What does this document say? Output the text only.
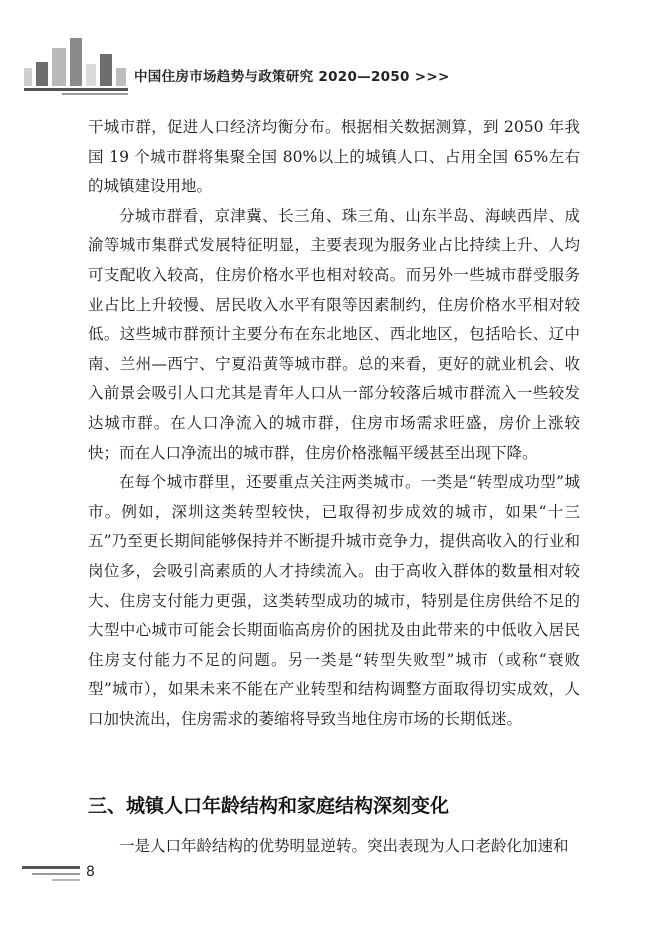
中国住房市场趋势与政策研究 2020—2050 >>>

干城市群，促进人口经济均衡分布。根据相关数据测算，到 2050 年我国 19 个城市群将集聚全国 80%以上的城镇人口、占用全国 65%左右的城镇建设用地。

分城市群看，京津冀、长三角、珠三角、山东半岛、海峡西岸、成渝等城市集群式发展特征明显，主要表现为服务业占比持续上升、人均可支配收入较高，住房价格水平也相对较高。而另外一些城市群受服务业占比上升较慢、居民收入水平有限等因素制约，住房价格水平相对较低。这些城市群预计主要分布在东北地区、西北地区，包括哈长、辽中南、兰州—西宁、宁夏沿黄等城市群。总的来看，更好的就业机会、收入前景会吸引人口尤其是青年人口从一部分较落后城市群流入一些较发达城市群。在人口净流入的城市群，住房市场需求旺盛，房价上涨较快；而在人口净流出的城市群，住房价格涨幅平缓甚至出现下降。

在每个城市群里，还要重点关注两类城市。一类是“转型成功型”城市。例如，深圳这类转型较快，已取得初步成效的城市，如果“十三五”乃至更长期间能够保持并不断提升城市竞争力，提供高收入的行业和岗位多，会吸引高素质的人才持续流入。由于高收入群体的数量相对较大、住房支付能力更强，这类转型成功的城市，特别是住房供给不足的大型中心城市可能会长期面临高房价的困扰及由此带来的中低收入居民住房支付能力不足的问题。另一类是“转型失败型”城市（或称“衰败型”城市），如果未来不能在产业转型和结构调整方面取得切实成效，人口加快流出，住房需求的萎缩将导致当地住房市场的长期低迷。

三、城镇人口年龄结构和家庭结构深刻变化

一是人口年龄结构的优势明显逆转。突出表现为人口老龄化加速和

8
